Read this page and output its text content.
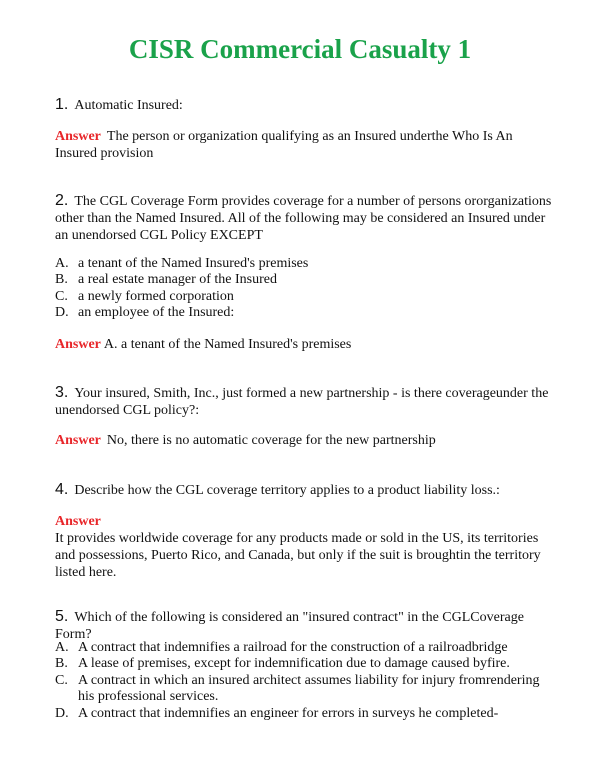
CISR Commercial Casualty 1
1. Automatic Insured:
Answer The person or organization qualifying as an Insured underthe Who Is An Insured provision
2. The CGL Coverage Form provides coverage for a number of persons ororganizations other than the Named Insured. All of the following may be considered an Insured under an unendorsed CGL Policy EXCEPT
A. a tenant of the Named Insured's premises
B. a real estate manager of the Insured
C. a newly formed corporation
D. an employee of the Insured:
Answer A. a tenant of the Named Insured's premises
3. Your insured, Smith, Inc., just formed a new partnership - is there coverageunder the unendorsed CGL policy?:
Answer No, there is no automatic coverage for the new partnership
4. Describe how the CGL coverage territory applies to a product liability loss.:
Answer
It provides worldwide coverage for any products made or sold in the US, its territories and possessions, Puerto Rico, and Canada, but only if the suit is broughtin the territory listed here.
5. Which of the following is considered an "insured contract" in the CGLCoverage Form?
A. A contract that indemnifies a railroad for the construction of a railroadbridge
B. A lease of premises, except for indemnification due to damage caused byfire.
C. A contract in which an insured architect assumes liability for injury fromrendering his professional services.
D. A contract that indemnifies an engineer for errors in surveys he completed-
